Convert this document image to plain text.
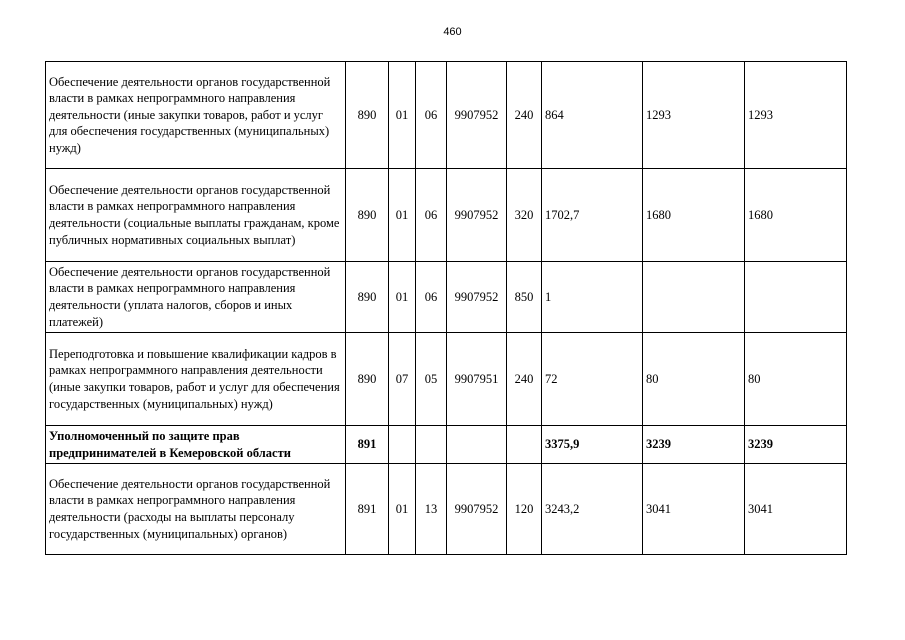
460
Обеспечение деятельности органов государственной власти в рамках непрограммного направления деятельности (иные закупки товаров, работ и услуг для обеспечения государственных (муниципальных) нужд)	890	01	06	9907952	240	864	1293	1293
Обеспечение деятельности органов государственной власти в рамках непрограммного направления деятельности (социальные выплаты гражданам, кроме публичных нормативных социальных выплат)	890	01	06	9907952	320	1702,7	1680	1680
Обеспечение деятельности органов государственной власти в рамках непрограммного направления деятельности (уплата налогов, сборов и иных платежей)	890	01	06	9907952	850	1		
Переподготовка и повышение квалификации кадров в рамках непрограммного направления деятельности (иные закупки товаров, работ и услуг для обеспечения государственных (муниципальных) нужд)	890	07	05	9907951	240	72	80	80
Уполномоченный по защите прав предпринимателей в Кемеровской области	891					3375,9	3239	3239
Обеспечение деятельности органов государственной власти в рамках непрограммного направления деятельности (расходы на выплаты персоналу государственных (муниципальных) органов)	891	01	13	9907952	120	3243,2	3041	3041
